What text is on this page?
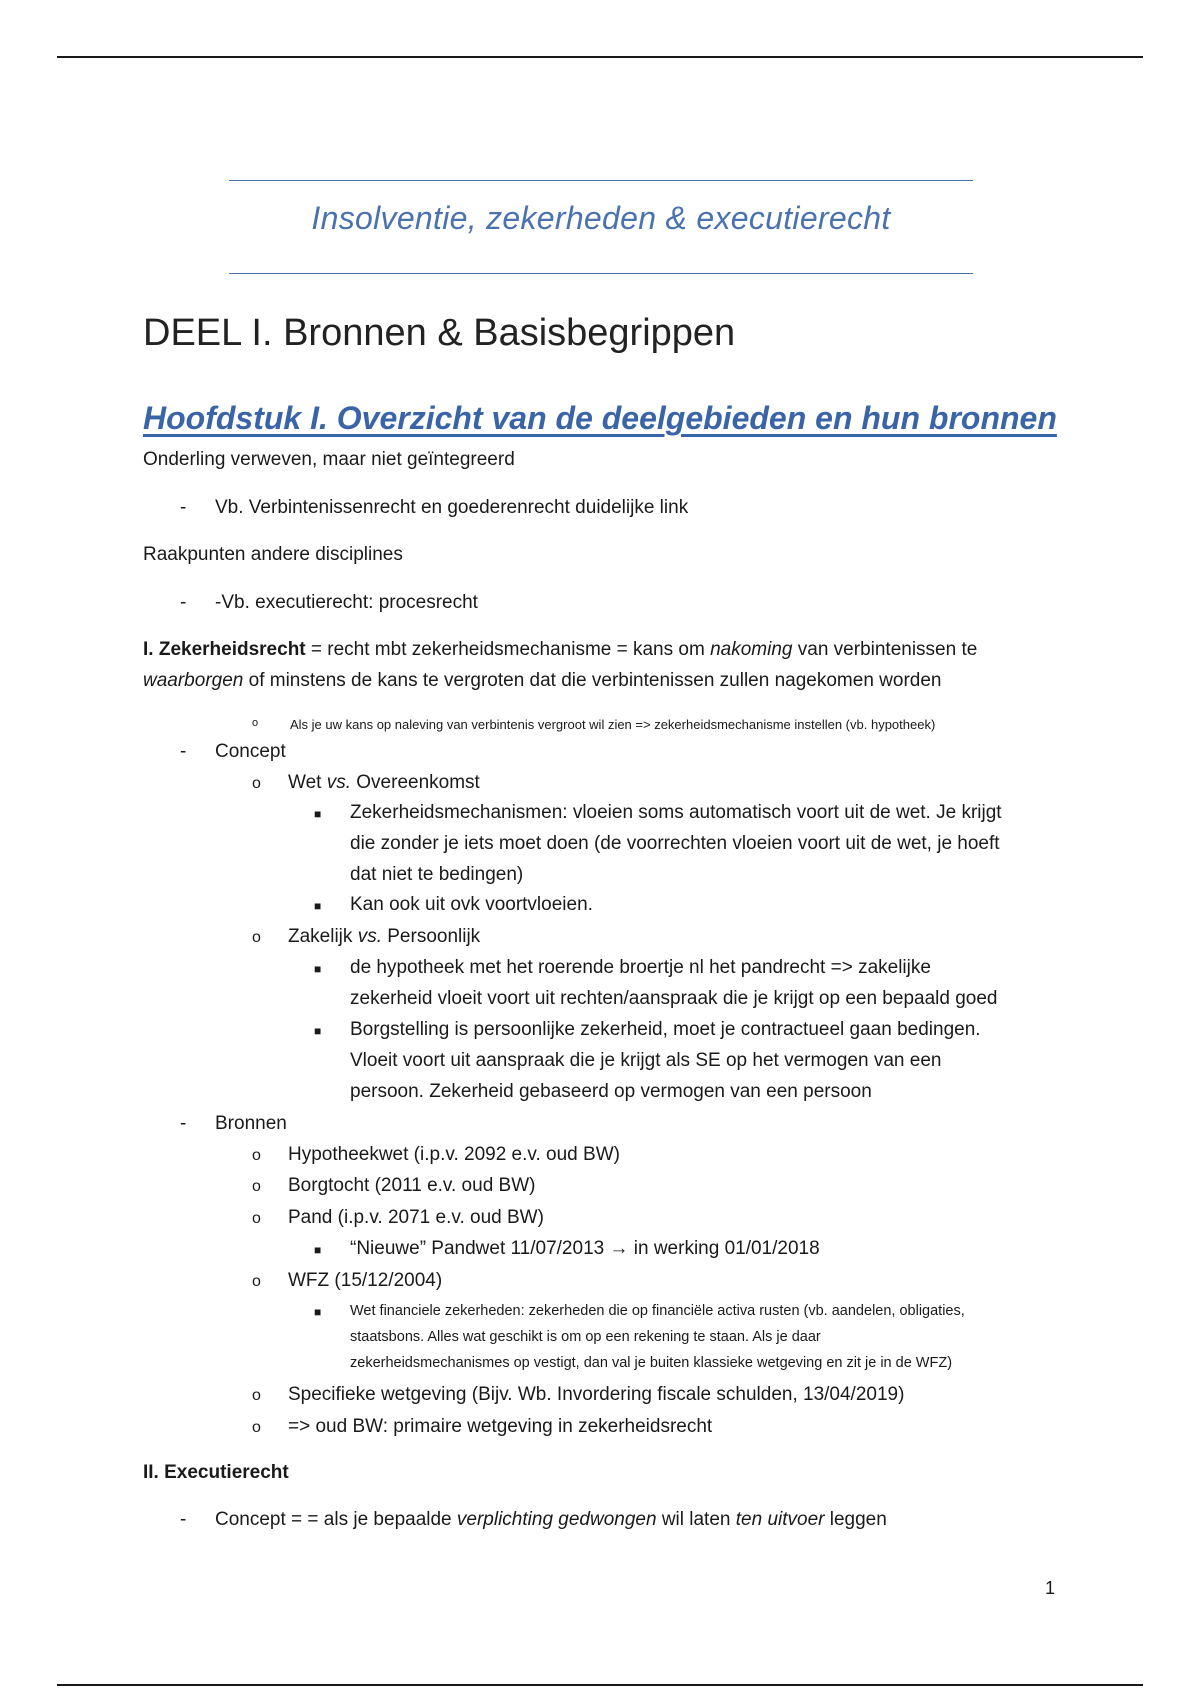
Insolventie, zekerheden & executierecht
DEEL I. Bronnen & Basisbegrippen
Hoofdstuk I. Overzicht van de deelgebieden en hun bronnen
Onderling verweven, maar niet geïntegreerd
- Vb. Verbintenissenrecht en goederenrecht duidelijke link
Raakpunten andere disciplines
- -Vb. executierecht: procesrecht
I. Zekerheidsrecht = recht mbt zekerheidsmechanisme = kans om nakoming van verbintenissen te
waarborgen of minstens de kans te vergroten dat die verbintenissen zullen nagekomen worden
o Als je uw kans op naleving van verbintenis vergroot wil zien => zekerheidsmechanisme instellen (vb. hypotheek)
- Concept
o Wet vs. Overeenkomst
■ Zekerheidsmechanismen: vloeien soms automatisch voort uit de wet. Je krijgt
die zonder je iets moet doen (de voorrechten vloeien voort uit de wet, je hoeft
dat niet te bedingen)
■ Kan ook uit ovk voortvloeien.
o Zakelijk vs. Persoonlijk
■ de hypotheek met het roerende broertje nl het pandrecht => zakelijke
zekerheid vloeit voort uit rechten/aanspraak die je krijgt op een bepaald goed
■ Borgstelling is persoonlijke zekerheid, moet je contractueel gaan bedingen.
Vloeit voort uit aanspraak die je krijgt als SE op het vermogen van een
persoon. Zekerheid gebaseerd op vermogen van een persoon
- Bronnen
o Hypotheekwet (i.p.v. 2092 e.v. oud BW)
o Borgtocht (2011 e.v. oud BW)
o Pand (i.p.v. 2071 e.v. oud BW)
■ “Nieuwe” Pandwet 11/07/2013 → in werking 01/01/2018
o WFZ (15/12/2004)
■ Wet financiele zekerheden: zekerheden die op financiële activa rusten (vb. aandelen, obligaties,
staatsbons. Alles wat geschikt is om op een rekening te staan. Als je daar
zekerheidsmechanismes op vestigt, dan val je buiten klassieke wetgeving en zit je in de WFZ)
o Specifieke wetgeving (Bijv. Wb. Invordering fiscale schulden, 13/04/2019)
o => oud BW: primaire wetgeving in zekerheidsrecht
II. Executierecht
- Concept = = als je bepaalde verplichting gedwongen wil laten ten uitvoer leggen
1
